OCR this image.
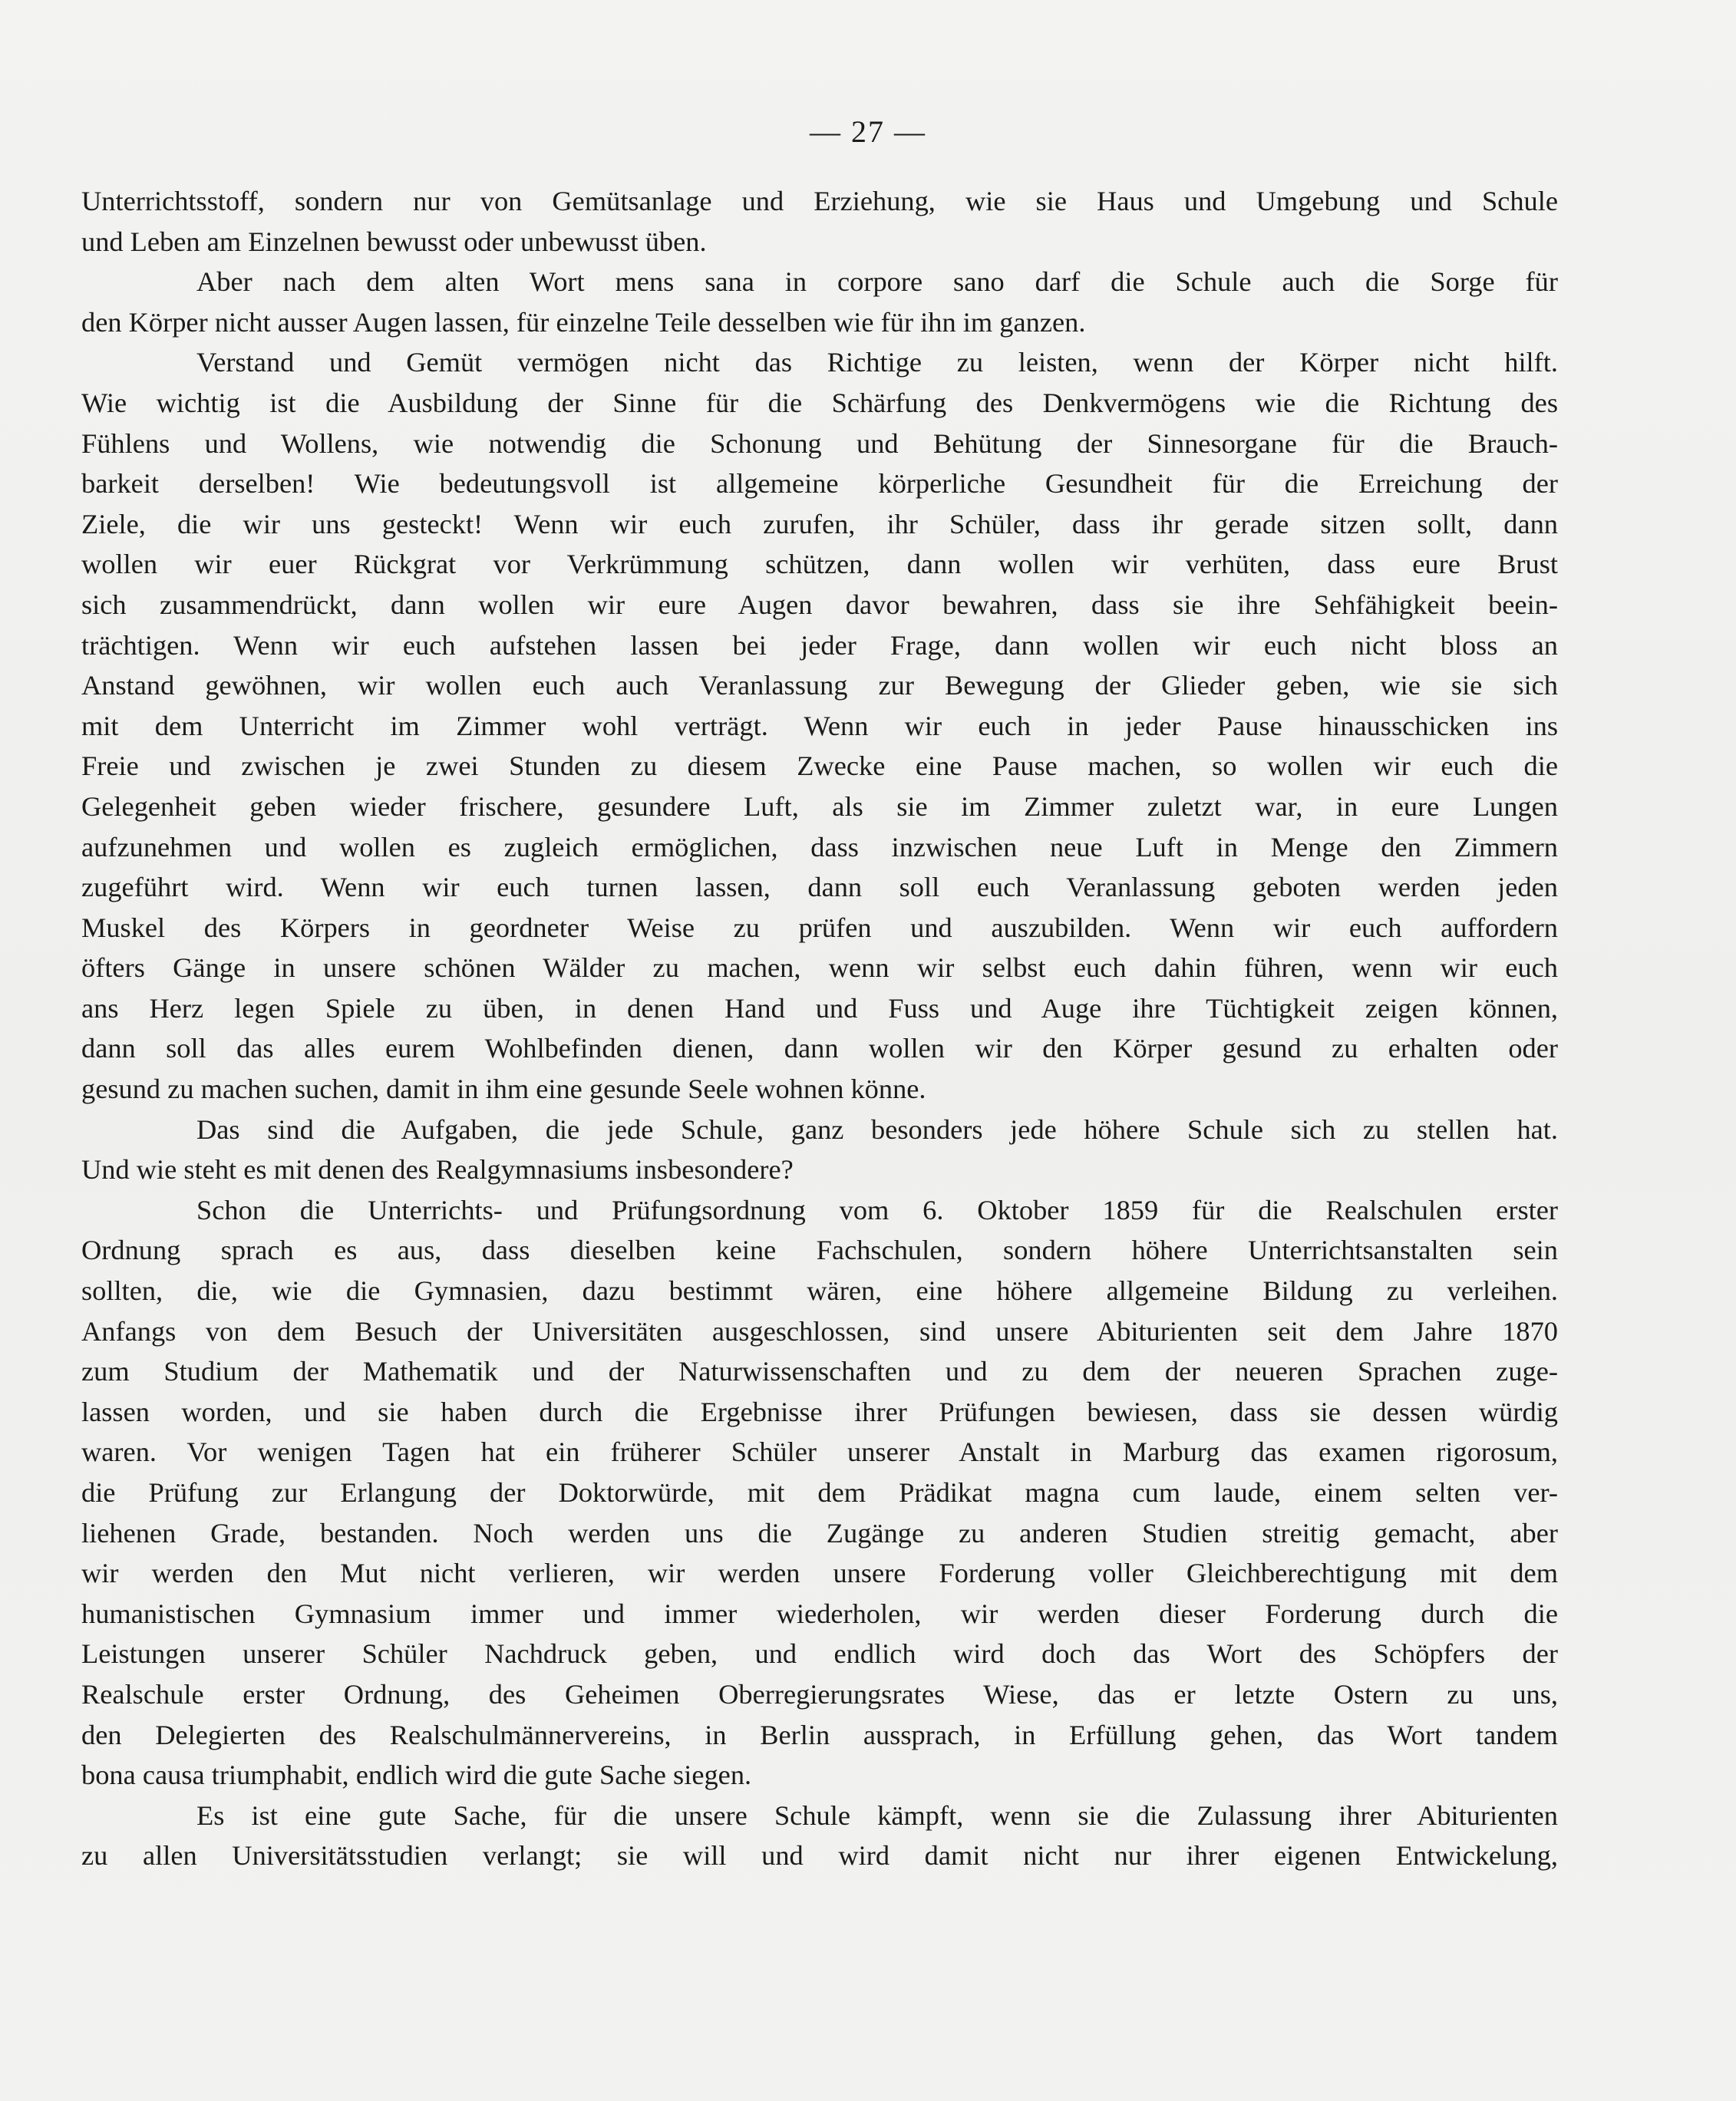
— 27 —
Unterrichtsstoff, sondern nur von Gemütsanlage und Erziehung, wie sie Haus und Umgebung und Schule
und Leben am Einzelnen bewusst oder unbewusst üben.
Aber nach dem alten Wort mens sana in corpore sano darf die Schule auch die Sorge für
den Körper nicht ausser Augen lassen, für einzelne Teile desselben wie für ihn im ganzen.
Verstand und Gemüt vermögen nicht das Richtige zu leisten, wenn der Körper nicht hilft.
Wie wichtig ist die Ausbildung der Sinne für die Schärfung des Denkvermögens wie die Richtung des
Fühlens und Wollens, wie notwendig die Schonung und Behütung der Sinnesorgane für die Brauch-
barkeit derselben! Wie bedeutungsvoll ist allgemeine körperliche Gesundheit für die Erreichung der
Ziele, die wir uns gesteckt! Wenn wir euch zurufen, ihr Schüler, dass ihr gerade sitzen sollt, dann
wollen wir euer Rückgrat vor Verkrümmung schützen, dann wollen wir verhüten, dass eure Brust
sich zusammendrückt, dann wollen wir eure Augen davor bewahren, dass sie ihre Sehfähigkeit beein-
trächtigen. Wenn wir euch aufstehen lassen bei jeder Frage, dann wollen wir euch nicht bloss an
Anstand gewöhnen, wir wollen euch auch Veranlassung zur Bewegung der Glieder geben, wie sie sich
mit dem Unterricht im Zimmer wohl verträgt. Wenn wir euch in jeder Pause hinausschicken ins
Freie und zwischen je zwei Stunden zu diesem Zwecke eine Pause machen, so wollen wir euch die
Gelegenheit geben wieder frischere, gesundere Luft, als sie im Zimmer zuletzt war, in eure Lungen
aufzunehmen und wollen es zugleich ermöglichen, dass inzwischen neue Luft in Menge den Zimmern
zugeführt wird. Wenn wir euch turnen lassen, dann soll euch Veranlassung geboten werden jeden
Muskel des Körpers in geordneter Weise zu prüfen und auszubilden. Wenn wir euch auffordern
öfters Gänge in unsere schönen Wälder zu machen, wenn wir selbst euch dahin führen, wenn wir euch
ans Herz legen Spiele zu üben, in denen Hand und Fuss und Auge ihre Tüchtigkeit zeigen können,
dann soll das alles eurem Wohlbefinden dienen, dann wollen wir den Körper gesund zu erhalten oder
gesund zu machen suchen, damit in ihm eine gesunde Seele wohnen könne.
Das sind die Aufgaben, die jede Schule, ganz besonders jede höhere Schule sich zu stellen hat.
Und wie steht es mit denen des Realgymnasiums insbesondere?
Schon die Unterrichts- und Prüfungsordnung vom 6. Oktober 1859 für die Realschulen erster
Ordnung sprach es aus, dass dieselben keine Fachschulen, sondern höhere Unterrichtsanstalten sein
sollten, die, wie die Gymnasien, dazu bestimmt wären, eine höhere allgemeine Bildung zu verleihen.
Anfangs von dem Besuch der Universitäten ausgeschlossen, sind unsere Abiturienten seit dem Jahre 1870
zum Studium der Mathematik und der Naturwissenschaften und zu dem der neueren Sprachen zuge-
lassen worden, und sie haben durch die Ergebnisse ihrer Prüfungen bewiesen, dass sie dessen würdig
waren. Vor wenigen Tagen hat ein früherer Schüler unserer Anstalt in Marburg das examen rigorosum,
die Prüfung zur Erlangung der Doktorwürde, mit dem Prädikat magna cum laude, einem selten ver-
liehenen Grade, bestanden. Noch werden uns die Zugänge zu anderen Studien streitig gemacht, aber
wir werden den Mut nicht verlieren, wir werden unsere Forderung voller Gleichberechtigung mit dem
humanistischen Gymnasium immer und immer wiederholen, wir werden dieser Forderung durch die
Leistungen unserer Schüler Nachdruck geben, und endlich wird doch das Wort des Schöpfers der
Realschule erster Ordnung, des Geheimen Oberregierungsrates Wiese, das er letzte Ostern zu uns,
den Delegierten des Realschulmännervereins, in Berlin aussprach, in Erfüllung gehen, das Wort tandem
bona causa triumphabit, endlich wird die gute Sache siegen.
Es ist eine gute Sache, für die unsere Schule kämpft, wenn sie die Zulassung ihrer Abiturienten
zu allen Universitätsstudien verlangt; sie will und wird damit nicht nur ihrer eigenen Entwickelung,
